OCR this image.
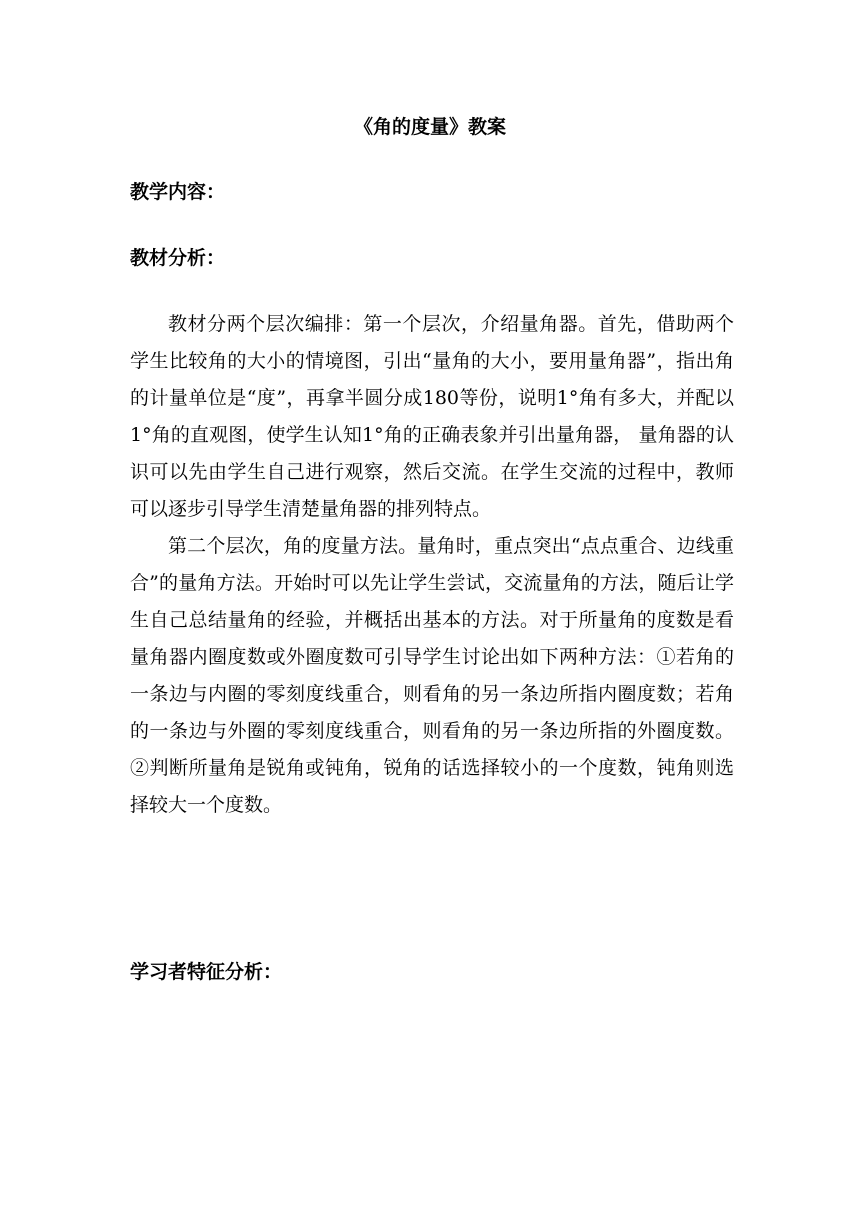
《角的度量》教案
教学内容：
教材分析：

教材分两个层次编排：第一个层次，介绍量角器。首先，借助两个学生比较角的大小的情境图，引出“量角的大小，要用量角器”，指出角的计量单位是“度”，再拿半圆分成180等份，说明1°角有多大，并配以1°角的直观图，使学生认知1°角的正确表象并引出量角器， 量角器的认识可以先由学生自己进行观察，然后交流。在学生交流的过程中，教师可以逐步引导学生清楚量角器的排列特点。

第二个层次，角的度量方法。量角时，重点突出“点点重合、边线重合”的量角方法。开始时可以先让学生尝试，交流量角的方法，随后让学生自己总结量角的经验，并概括出基本的方法。对于所量角的度数是看量角器内圈度数或外圈度数可引导学生讨论出如下两种方法：①若角的一条边与内圈的零刻度线重合，则看角的另一条边所指内圈度数；若角的一条边与外圈的零刻度线重合，则看角的另一条边所指的外圈度数。②判断所量角是锐角或钝角，锐角的话选择较小的一个度数，钝角则选择较大一个度数。

学习者特征分析：
